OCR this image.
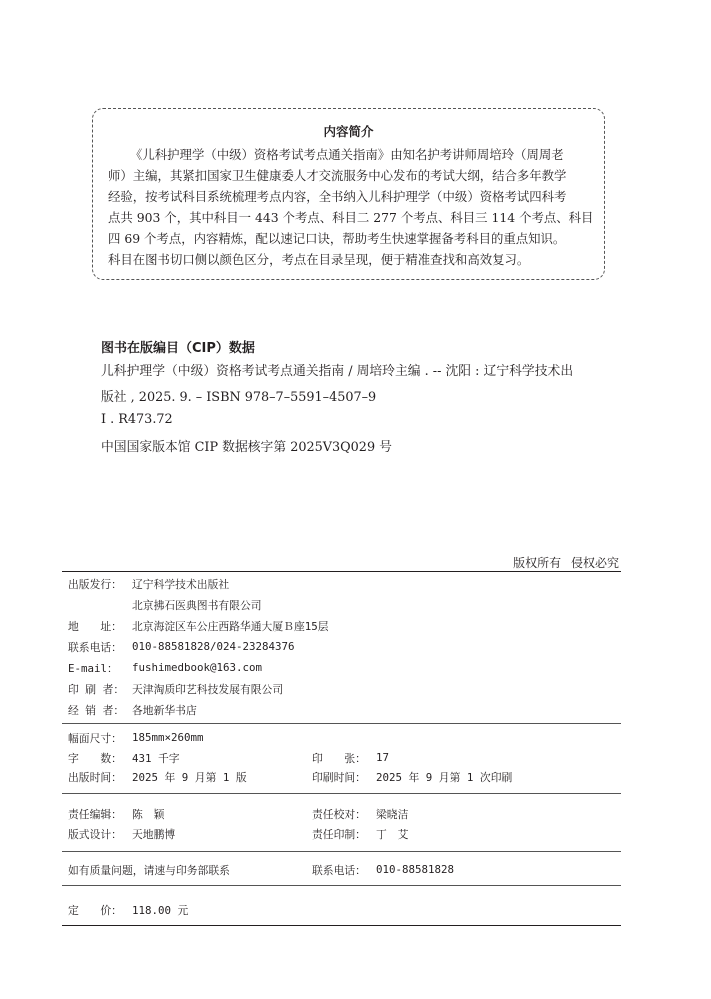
内容简介
《儿科护理学（中级）资格考试考点通关指南》由知名护考讲师周培玲（周周老
师）主编，其紧扣国家卫生健康委人才交流服务中心发布的考试大纲，结合多年教学
经验，按考试科目系统梳理考点内容，全书纳入儿科护理学（中级）资格考试四科考
点共 903 个，其中科目一 443 个考点、科目二 277 个考点、科目三 114 个考点、科目
四 69 个考点，内容精炼，配以速记口诀，帮助考生快速掌握备考科目的重点知识。
科目在图书切口侧以颜色区分，考点在目录呈现，便于精准查找和高效复习。
图书在版编目（CIP）数据
儿科护理学（中级）资格考试考点通关指南 / 周培玲主编 . -- 沈阳 : 辽宁科学技术出
版社 , 2025. 9. – ISBN 978–7–5591–4507–9
Ⅰ . R473.72
中国国家版本馆 CIP 数据核字第 2025V3Q029 号
版权所有 侵权必究
出版发行： 辽宁科学技术出版社
北京拂石医典图书有限公司
地　　址： 北京海淀区车公庄西路华通大厦Ｂ座15层
联系电话： 010-88581828/024-23284376
E-mail： fushimedbook@163.com
印 刷 者： 天津淘质印艺科技发展有限公司
经 销 者： 各地新华书店
幅面尺寸： 185mm×260mm
字　　数： 431 千字	印　　张： 17
出版时间： 2025 年 9 月第 1 版	印刷时间： 2025 年 9 月第 1 次印刷
责任编辑： 陈　颖	责任校对： 梁晓洁
版式设计： 天地鹏博	责任印制： 丁　艾
如有质量问题，请速与印务部联系	联系电话： 010-88581828
定　　价： 118.00 元
